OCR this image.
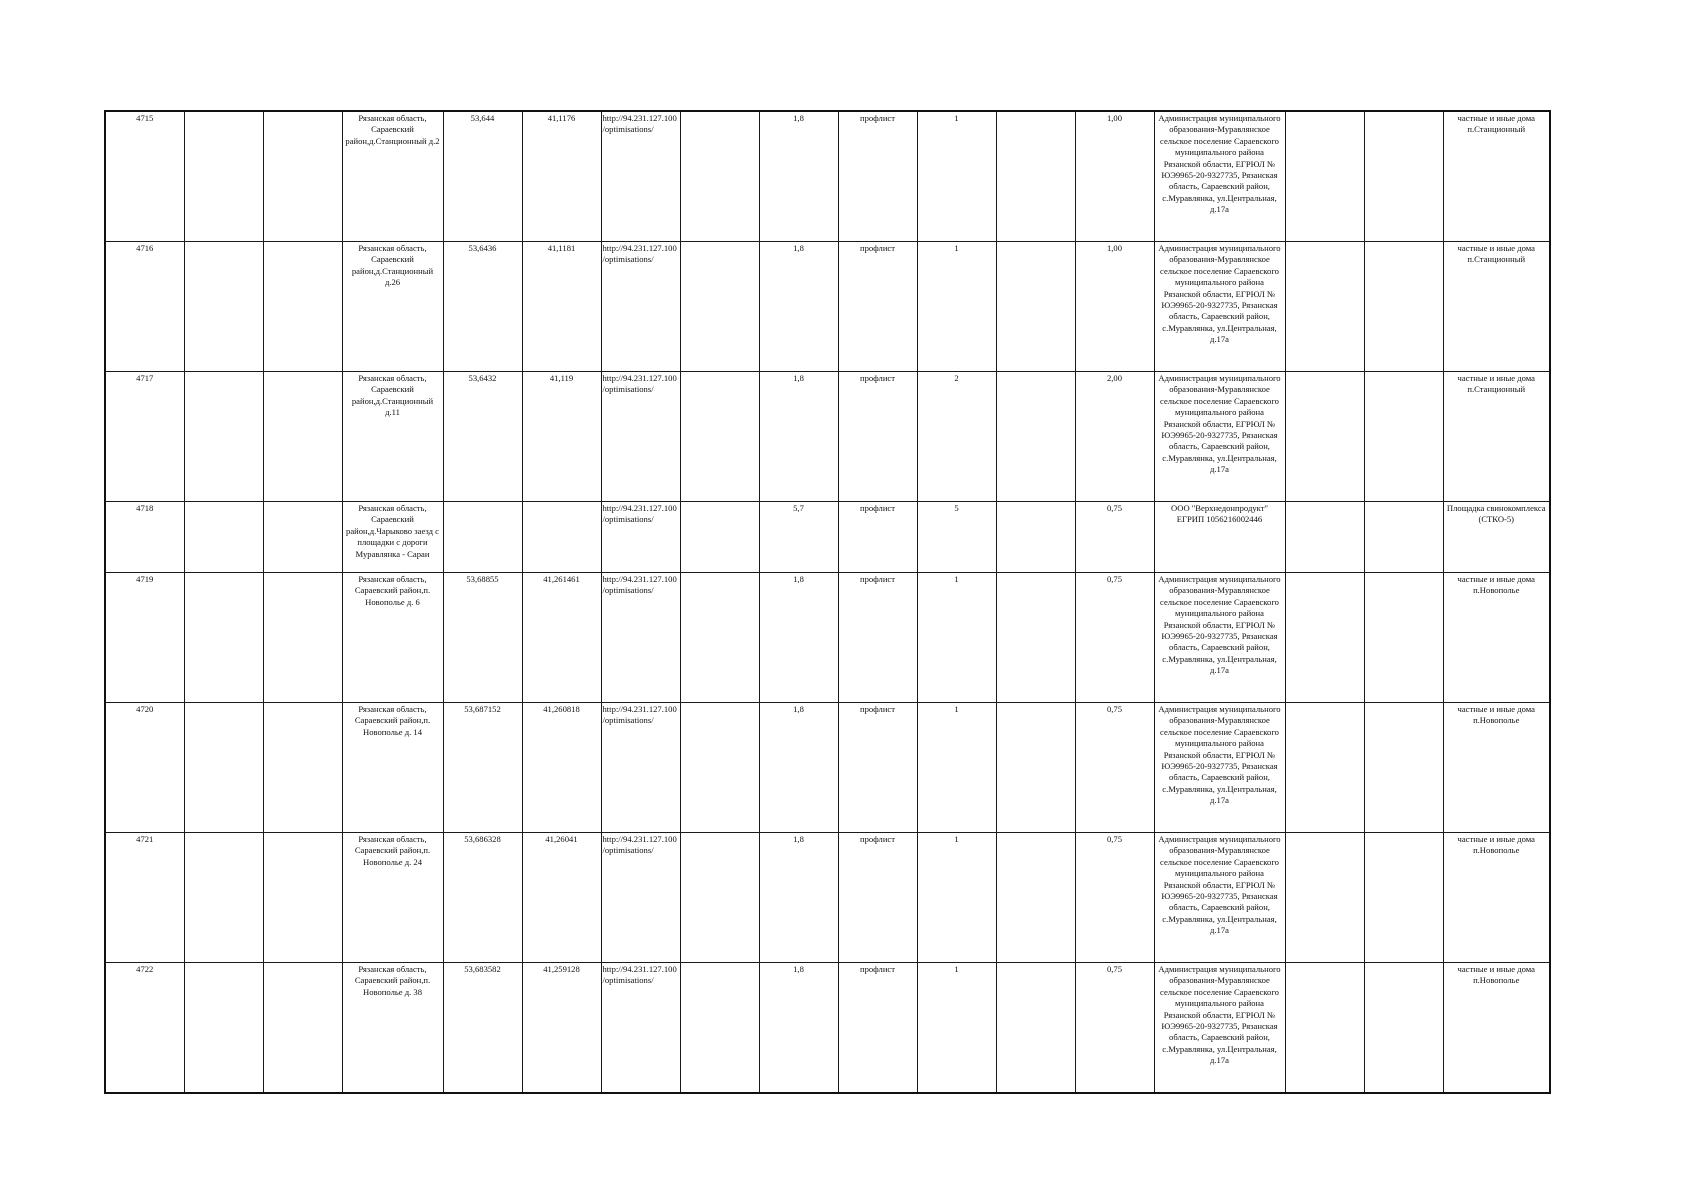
4715			Рязанская область, Сараевский район,д.Станционный д.2	53,644	41,1176	http://94.231.127.100/optimisations/		1,8	профлист	1		1,00	Администрация муниципального образования-Муравлянское сельское поселение Сараевского муниципального района Рязанской области, ЕГРЮЛ № ЮЭ9965-20-9327735, Рязанская область, Сараевский район, с.Муравлянка, ул.Центральная, д.17а			частные и иные дома п.Станционный
4716			Рязанская область, Сараевский район,д.Станционный д.26	53,6436	41,1181	http://94.231.127.100/optimisations/		1,8	профлист	1		1,00	Администрация муниципального образования-Муравлянское сельское поселение Сараевского муниципального района Рязанской области, ЕГРЮЛ № ЮЭ9965-20-9327735, Рязанская область, Сараевский район, с.Муравлянка, ул.Центральная, д.17а			частные и иные дома п.Станционный
4717			Рязанская область, Сараевский район,д.Станционный д.11	53,6432	41,119	http://94.231.127.100/optimisations/		1,8	профлист	2		2,00	Администрация муниципального образования-Муравлянское сельское поселение Сараевского муниципального района Рязанской области, ЕГРЮЛ № ЮЭ9965-20-9327735, Рязанская область, Сараевский район, с.Муравлянка, ул.Центральная, д.17а			частные и иные дома п.Станционный
4718			Рязанская область, Сараевский район,д.Чарыково заезд с площадки с дороги Муравлянка - Сараи			http://94.231.127.100/optimisations/		5,7	профлист	5		0,75	ООО "Верхнедонпродукт" ЕГРИП 1056216002446			Площадка свинокомплекса (СТКО-5)
4719			Рязанская область, Сараевский район,п. Новополье д. 6	53,68855	41,261461	http://94.231.127.100/optimisations/		1,8	профлист	1		0,75	Администрация муниципального образования-Муравлянское сельское поселение Сараевского муниципального района Рязанской области, ЕГРЮЛ № ЮЭ9965-20-9327735, Рязанская область, Сараевский район, с.Муравлянка, ул.Центральная, д.17а			частные и иные дома п.Новополье
4720			Рязанская область, Сараевский район,п. Новополье д. 14	53,687152	41,260818	http://94.231.127.100/optimisations/		1,8	профлист	1		0,75	Администрация муниципального образования-Муравлянское сельское поселение Сараевского муниципального района Рязанской области, ЕГРЮЛ № ЮЭ9965-20-9327735, Рязанская область, Сараевский район, с.Муравлянка, ул.Центральная, д.17а			частные и иные дома п.Новополье
4721			Рязанская область, Сараевский район,п. Новополье д. 24	53,686328	41,26041	http://94.231.127.100/optimisations/		1,8	профлист	1		0,75	Администрация муниципального образования-Муравлянское сельское поселение Сараевского муниципального района Рязанской области, ЕГРЮЛ № ЮЭ9965-20-9327735, Рязанская область, Сараевский район, с.Муравлянка, ул.Центральная, д.17а			частные и иные дома п.Новополье
4722			Рязанская область, Сараевский район,п. Новополье д. 38	53,683582	41,259128	http://94.231.127.100/optimisations/		1,8	профлист	1		0,75	Администрация муниципального образования-Муравлянское сельское поселение Сараевского муниципального района Рязанской области, ЕГРЮЛ № ЮЭ9965-20-9327735, Рязанская область, Сараевский район, с.Муравлянка, ул.Центральная, д.17а			частные и иные дома п.Новополье
